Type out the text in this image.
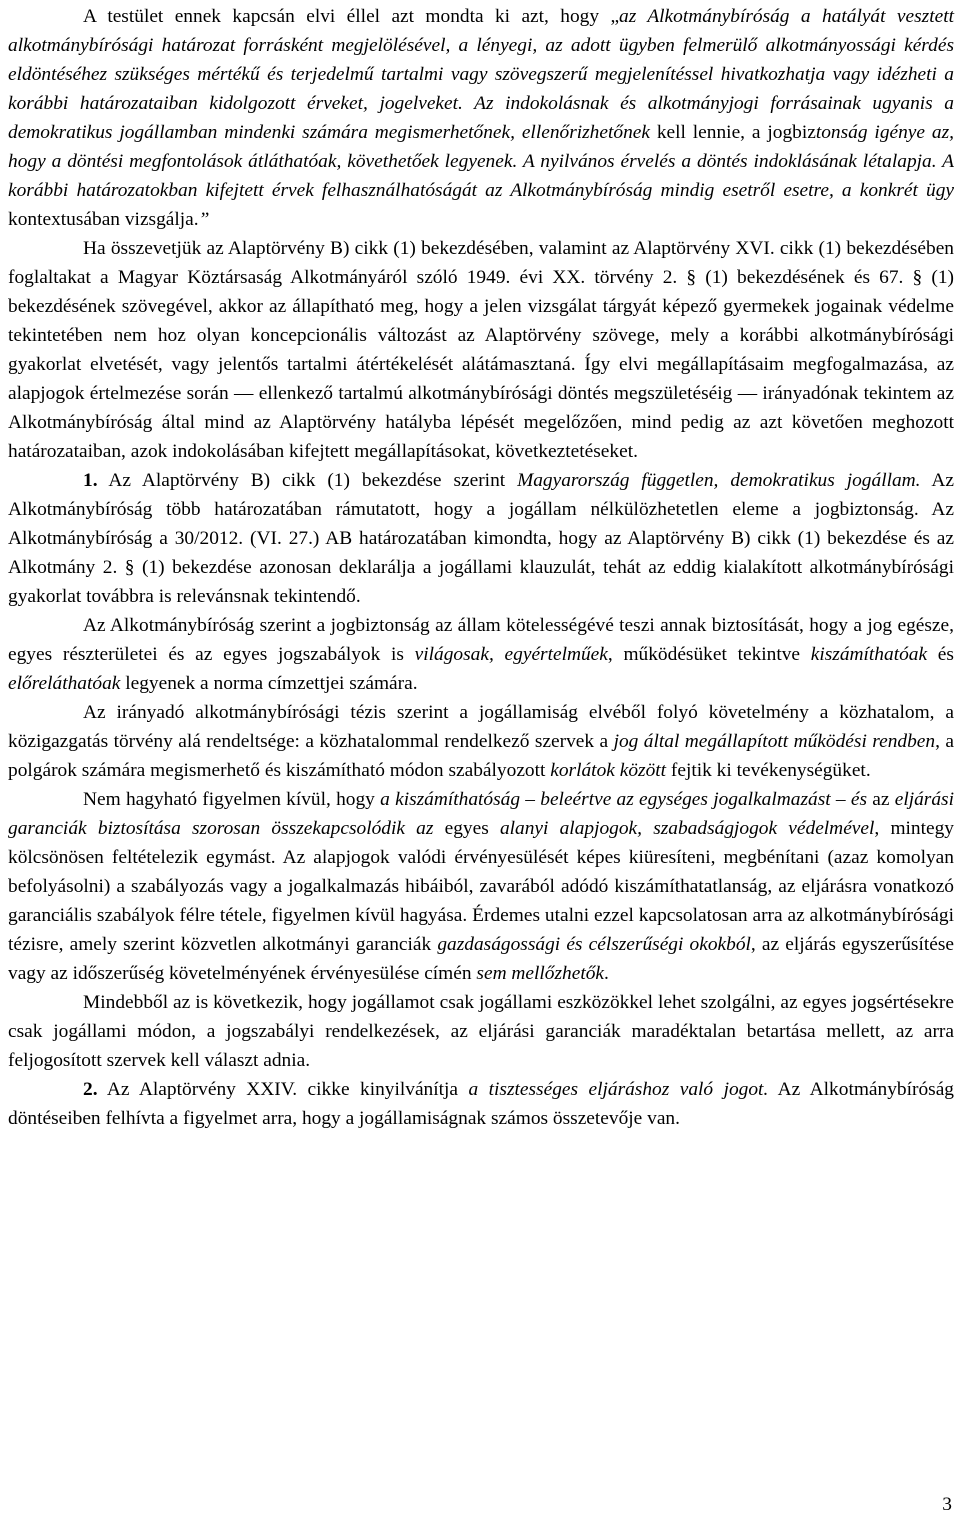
A testület ennek kapcsán elvi éllel azt mondta ki azt, hogy „az Alkotmánybíróság a hatályát vesztett alkotmánybírósági határozat forrásként megjelölésével, a lényegi, az adott ügyben felmerülő alkotmányossági kérdés eldöntéséhez szükséges mértékű és terjedelmű tartalmi vagy szövegszerű megjelenítéssel hivatkozhatja vagy idézheti a korábbi határozataiban kidolgozott érveket, jogelveket. Az indokolásnak és alkotmányjogi forrásainak ugyanis a demokratikus jogállamban mindenki számára megismerhetőnek, ellenőrizhetőnek kell lennie, a jogbiztonság igénye az, hogy a döntési megfontolások átláthatóak, követhetőek legyenek. A nyilvános érvelés a döntés indoklásának létalapja. A korábbi határozatokban kifejtett érvek felhasználhatóságát az Alkotmánybíróság mindig esetről esetre, a konkrét ügy kontextusában vizsgálja.”

Ha összevetjük az Alaptörvény B) cikk (1) bekezdésében, valamint az Alaptörvény XVI. cikk (1) bekezdésében foglaltakat a Magyar Köztársaság Alkotmányáról szóló 1949. évi XX. törvény 2. § (1) bekezdésének és 67. § (1) bekezdésének szövegével, akkor az állapítható meg, hogy a jelen vizsgálat tárgyát képező gyermekek jogainak védelme tekintetében nem hoz olyan koncepcionális változást az Alaptörvény szövege, mely a korábbi alkotmánybírósági gyakorlat elvetését, vagy jelentős tartalmi átértékelését alátámasztaná. Így elvi megállapításaim megfogalmazása, az alapjogok értelmezése során — ellenkező tartalmú alkotmánybírósági döntés megszületéséig — irányadónak tekintem az Alkotmánybíróság által mind az Alaptörvény hatályba lépését megelőzően, mind pedig az azt követően meghozott határozataiban, azok indokolásában kifejtett megállapításokat, következtetéseket.

1. Az Alaptörvény B) cikk (1) bekezdése szerint Magyarország független, demokratikus jogállam. Az Alkotmánybíróság több határozatában rámutatott, hogy a jogállam nélkülözhetetlen eleme a jogbiztonság. Az Alkotmánybíróság a 30/2012. (VI. 27.) AB határozatában kimondta, hogy az Alaptörvény B) cikk (1) bekezdése és az Alkotmány 2. § (1) bekezdése azonosan deklarálja a jogállami klauzulát, tehát az eddig kialakított alkotmánybírósági gyakorlat továbbra is relevánsnak tekintendő.

Az Alkotmánybíróság szerint a jogbiztonság az állam kötelességévé teszi annak biztosítását, hogy a jog egésze, egyes részterületei és az egyes jogszabályok is világosak, egyértelműek, működésüket tekintve kiszámíthatóak és előreláthatóak legyenek a norma címzettjei számára.

Az irányadó alkotmánybírósági tézis szerint a jogállamiság elvéből folyó követelmény a közhatalom, a közigazgatás törvény alá rendeltsége: a közhatalommal rendelkező szervek a jog által megállapított működési rendben, a polgárok számára megismerhető és kiszámítható módon szabályozott korlátok között fejtik ki tevékenységüket.

Nem hagyható figyelmen kívül, hogy a kiszámíthatóság – beleértve az egységes jogalkalmazást – és az eljárási garanciák biztosítása szorosan összekapcsolódik az egyes alanyi alapjogok, szabadságjogok védelmével, mintegy kölcsönösen feltételezik egymást. Az alapjogok valódi érvényesülését képes kiüresíteni, megbénítani (azaz komolyan befolyásolni) a szabályozás vagy a jogalkalmazás hibáiból, zavarából adódó kiszámíthatatlanság, az eljárásra vonatkozó garanciális szabályok félre tétele, figyelmen kívül hagyása. Érdemes utalni ezzel kapcsolatosan arra az alkotmánybírósági tézisre, amely szerint közvetlen alkotmányi garanciák gazdaságossági és célszerűségi okokból, az eljárás egyszerűsítése vagy az időszerűség követelményének érvényesülése címén sem mellőzhetők.

Mindebből az is következik, hogy jogállamot csak jogállami eszközökkel lehet szolgálni, az egyes jogsértésekre csak jogállami módon, a jogszabályi rendelkezések, az eljárási garanciák maradéktalan betartása mellett, az arra feljogosított szervek kell választ adnia.

2. Az Alaptörvény XXIV. cikke kinyilvánítja a tisztességes eljáráshoz való jogot. Az Alkotmánybíróság döntéseiben felhívta a figyelmet arra, hogy a jogállamiságnak számos összetevője van.

3
